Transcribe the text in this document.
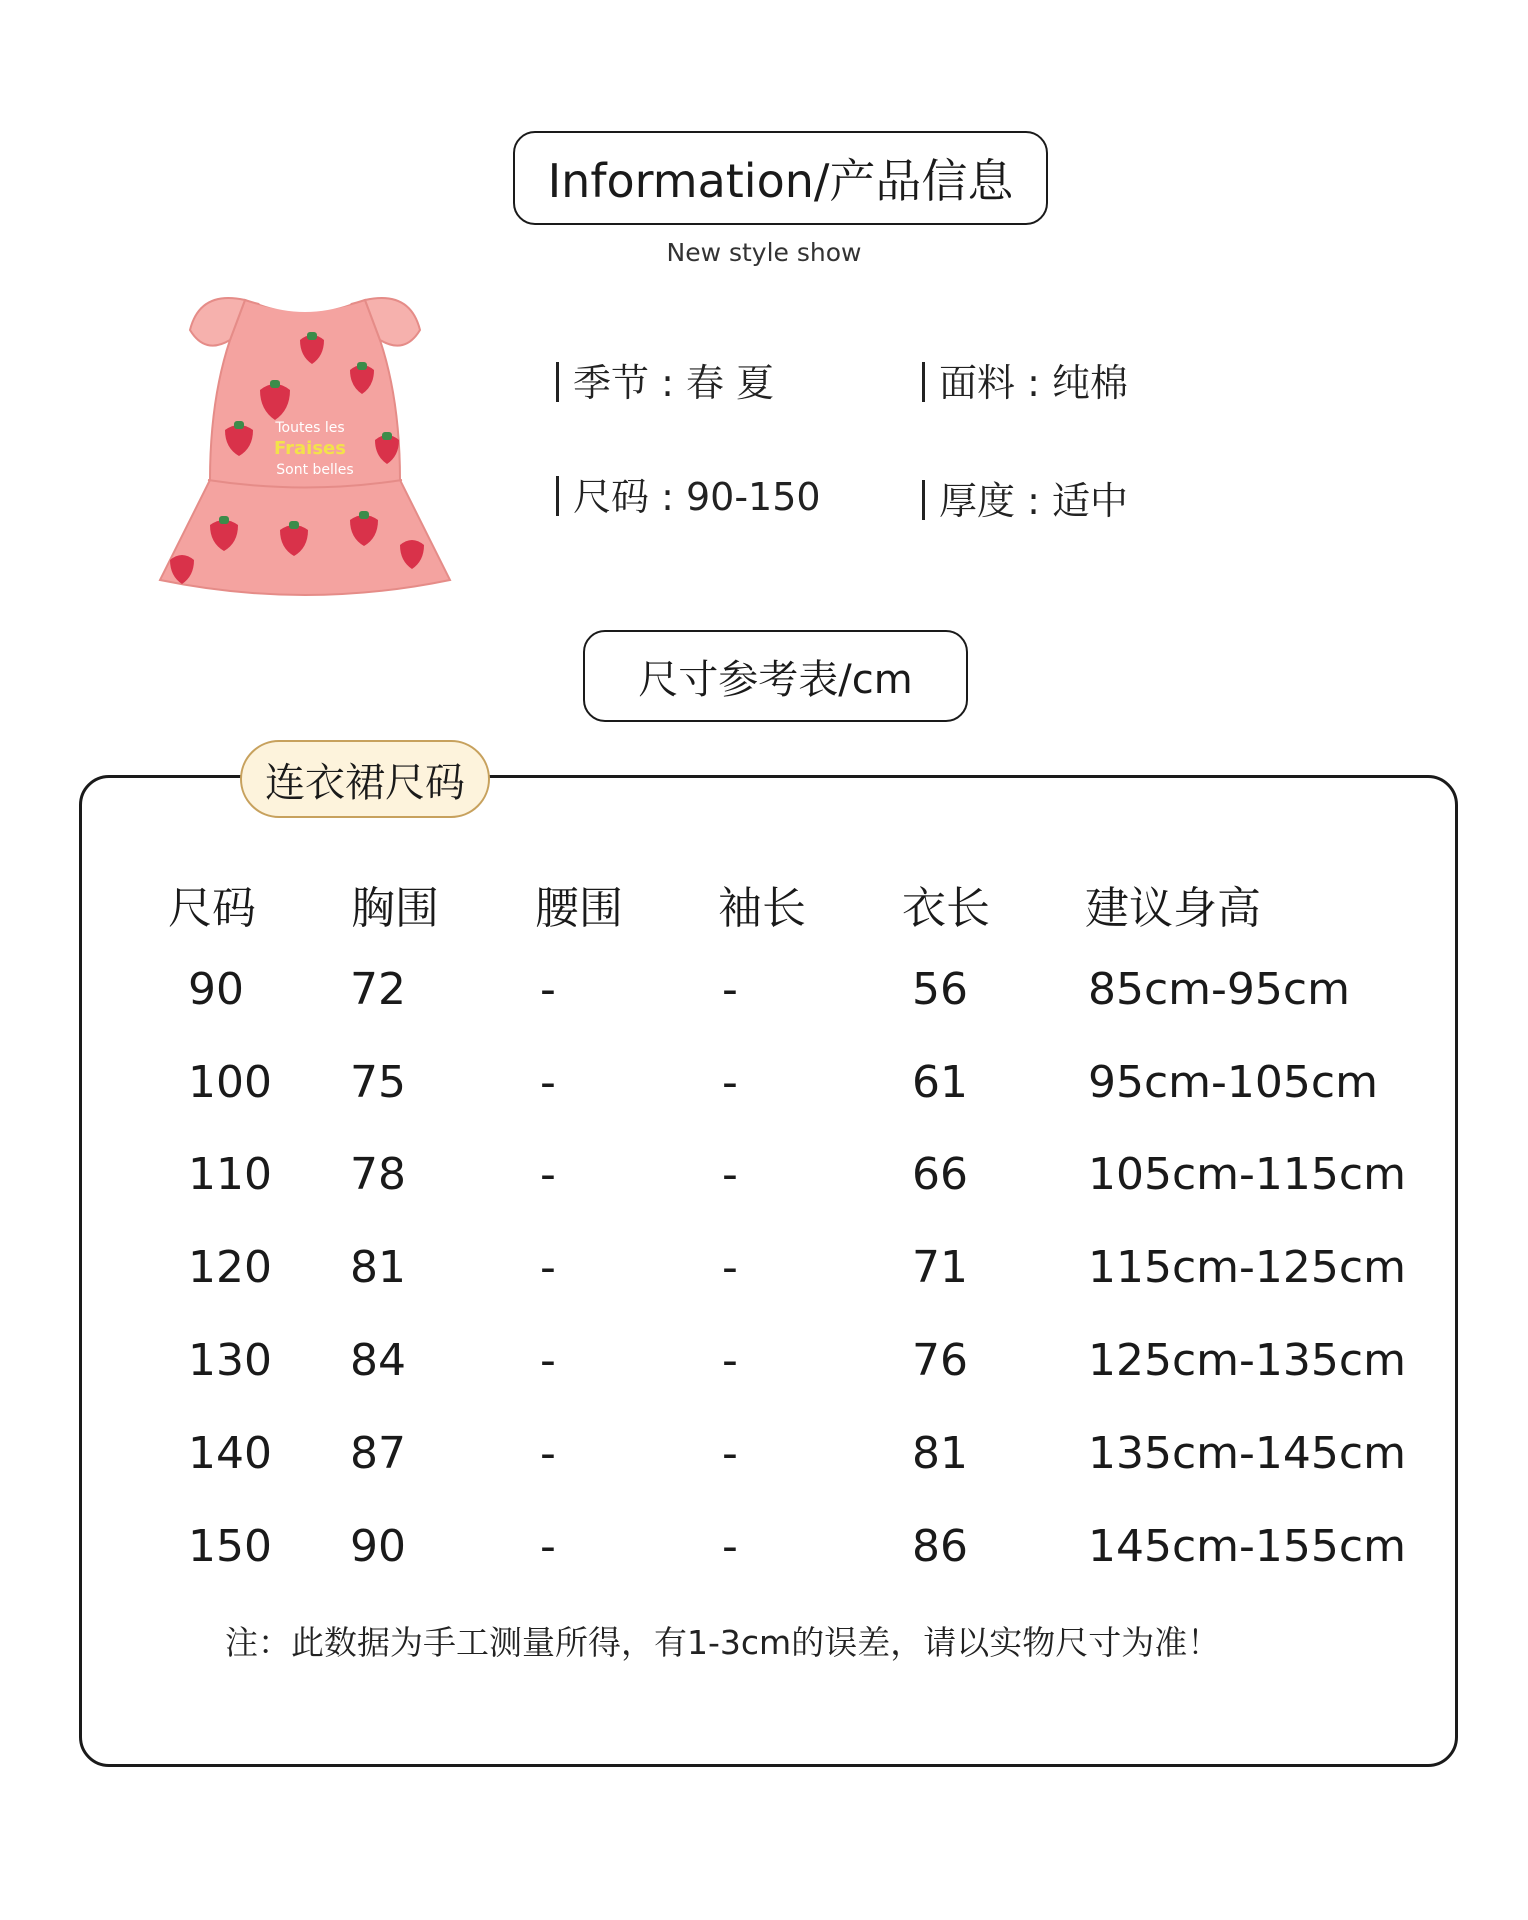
Information/产品信息
New style show
Toutes les
Fraises
Sont belles
季节 : 春 夏	面料 : 纯棉
尺码 : 90-150	厚度 : 适中
尺寸参考表/cm
连衣裙尺码
尺码 胸围 腰围 袖长 衣长 建议身高
90 72	-	-	56	85cm-95cm
100 75	-	-	61	95cm-105cm
110 78	-	-	66	105cm-115cm
120 81	-	-	71	115cm-125cm
130 84	-	-	76	125cm-135cm
140 87	-	-	81	135cm-145cm
150 90	-	-	86	145cm-155cm
注：此数据为手工测量所得，有1-3cm的误差，请以实物尺寸为准！
